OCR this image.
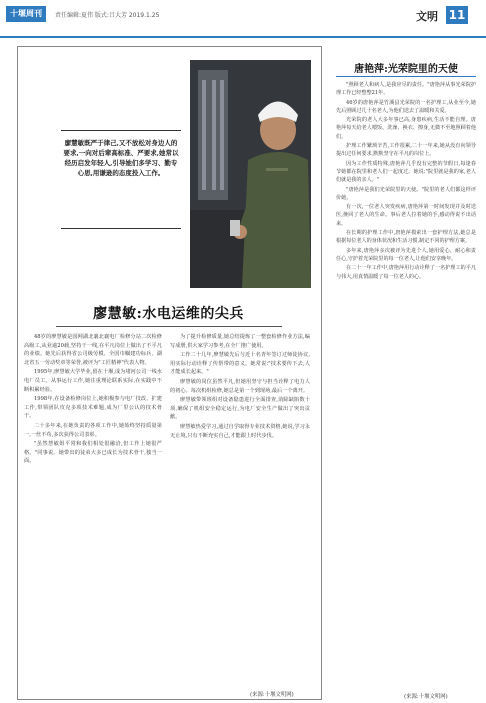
十堰周刊	责任编辑:夏伟 版式:吕大芳 2019.1.25	文明 11
廖慧敏既严于律己,又不放松对身边人的要求,一向对后辈高标准、严要求,她常以经历启发年轻人,引导她们多学习、勤专心思,用谦逊的态度投入工作。
廖慧敏:水电运维的尖兵

48岁的廖慧敏是国网湖北襄北襄电厂检修分站二次检修高级工,从业逾20载,坚持干一线,在平凡岗位上做出了不平凡的业绩。她先后获得省公司级劳模、全国巾帼建功标兵、湖北省五一劳动奖章等荣誉,被评为"工匠精神"代表人物。

1995年,廖慧敏大学毕业,留在十堰,成为堵河公司一线水电厂员工。从事运行工作,她注重理论联系实际,在实践中不断积累经验。

1998年,在设备检修岗位上,她积极参与电厂技改、扩建工作,带领团队攻克多项技术难题,成为厂里公认的技术骨干。

二十多年来,在她负责的各项工作中,她始终坚持质量第一,一丝不苟,多次获得公司表彰。

"虽然慧敏姐平常和我们相处很融洽,但工作上她很严格。"同事说。她带出的徒弟大多已成长为技术骨干,独当一面。

为了提升检修质量,她总结提炼了一整套检修作业方法,编写成册,供大家学习参考,在全厂推广使用。

工作二十几年,廖慧敏先后与近十名青年签订过师徒协议,用实际行动诠释了传帮带的意义。她常说:"技术要传下去,人才能成长起来。"

廖慧敏的岗位虽然平凡,但她用坚守与担当诠释了电力人的初心。每次机组检修,她总是第一个到现场,最后一个离开。

廖慧敏带领班组对设备隐患进行全面排查,消除缺陷数十项,确保了机组安全稳定运行,为电厂安全生产做出了突出贡献。

廖慧敏热爱学习,通过自学取得专业技术资格,她说,学习永无止境,只有不断充实自己,才能跟上时代步伐。

(来源:十堰文明网)
唐艳萍:光荣院里的天使

"照顾老人和病人,是我应尽的责任。"唐艳萍从事光荣院护理工作已经整整21年。

46岁的唐艳萍是竹溪县光荣院的一名护理工,从业至今,她先后照顾过几十名老人,为他们送去了温暖和关爱。

光荣院的老人大多年事已高,身患疾病,生活不能自理。唐艳萍每天给老人喂饭、洗澡、换衣、擦身,无微不至地照顾着他们。

护理工作繁琐辛苦,工作很累,二十一年来,她从没有向领导提出过任何要求,默默坚守在平凡的岗位上。

因为工作性质特殊,唐艳萍几乎没有完整的节假日,每逢春节她都在院里和老人们一起度过。她说:"院里就是我的家,老人们就是我的亲人。"

"唐艳萍是我们光荣院里的天使。"院里的老人们都这样评价她。

有一次,一位老人突发疾病,唐艳萍第一时间发现并及时送医,挽回了老人的生命。事后老人拉着她的手,感动得说不出话来。

在长期的护理工作中,唐艳萍摸索出一套护理方法,她总是根据每位老人的身体状况和生活习惯,制定不同的护理方案。

多年来,唐艳萍多次被评为先进个人,她用爱心、耐心和责任心,守护着光荣院里的每一位老人,让他们安享晚年。

在二十一年工作中,唐艳萍用行动诠释了一名护理工的平凡与伟大,用真情温暖了每一位老人的心。

(来源:十堰文明网)
